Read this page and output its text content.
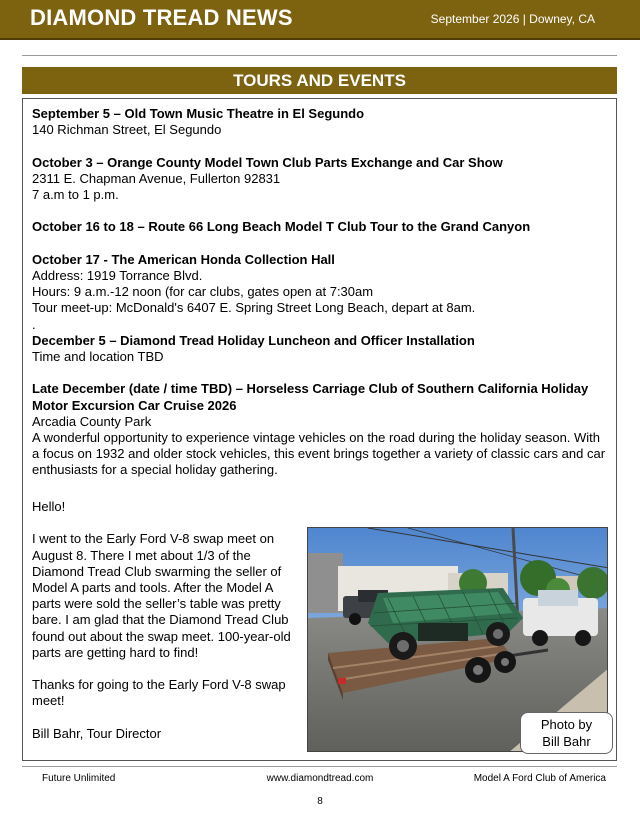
DIAMOND TREAD NEWS	September 2026 | Downey, CA
TOURS AND EVENTS
September 5 – Old Town Music Theatre in El Segundo
140 Richman Street, El Segundo
October 3 – Orange County Model Town Club Parts Exchange and Car Show
2311 E. Chapman Avenue, Fullerton 92831
7 a.m to 1 p.m.
October 16 to 18 – Route 66 Long Beach Model T Club Tour to the Grand Canyon
October 17 - The American Honda Collection Hall
Address: 1919 Torrance Blvd.
Hours: 9 a.m.-12 noon (for car clubs, gates open at 7:30am
Tour meet-up: McDonald's 6407 E. Spring Street Long Beach, depart at 8am.
.
December 5 – Diamond Tread Holiday Luncheon and Officer Installation
Time and location TBD
Late December (date / time TBD) – Horseless Carriage Club of Southern California Holiday Motor Excursion Car Cruise 2026
Arcadia County Park
A wonderful opportunity to experience vintage vehicles on the road during the holiday season. With a focus on 1932 and older stock vehicles, this event brings together a variety of classic cars and car enthusiasts for a special holiday gathering.

Hello!

I went to the Early Ford V-8 swap meet on August 8. There I met about 1/3 of the Diamond Tread Club swarming the seller of Model A parts and tools. After the Model A parts were sold the seller’s table was pretty bare. I am glad that the Diamond Tread Club found out about the swap meet. 100-year-old parts are getting hard to find!

Thanks for going to the Early Ford V-8 swap meet!

Bill Bahr, Tour Director

Photo by
Bill Bahr
Future Unlimited	www.diamondtread.com	Model A Ford Club of America
8
